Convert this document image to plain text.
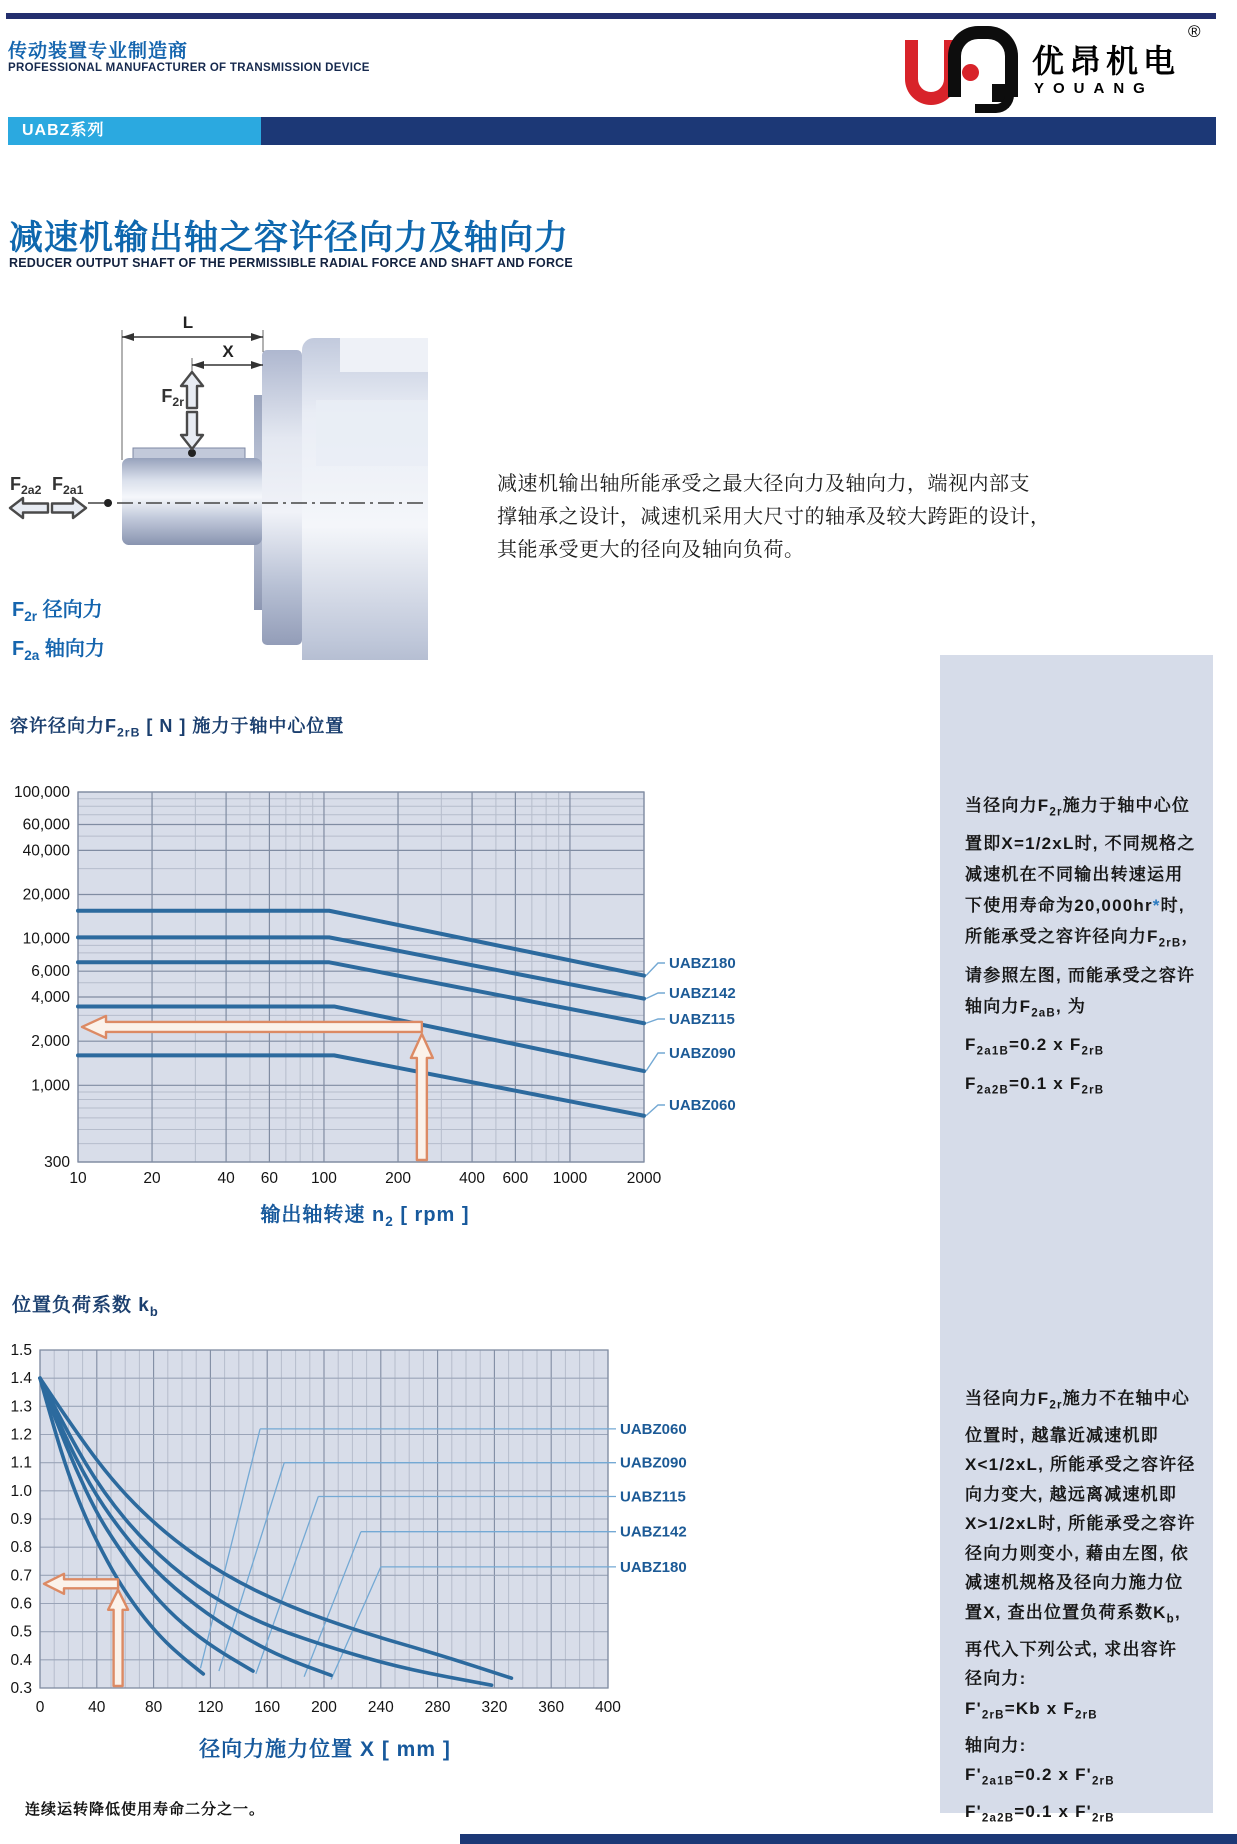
传动装置专业制造商
PROFESSIONAL MANUFACTURER OF TRANSMISSION DEVICE	优昂机电
YOUANG
®
UABZ系列
减速机输出轴之容许径向力及轴向力
REDUCER OUTPUT SHAFT OF THE PERMISSIBLE RADIAL FORCE AND SHAFT AND FORCE
L
X
$F_{2r}$
$F_{2a2}$ $F_{2a1}$	减速机输出轴所能承受之最大径向力及轴向力，端视内部支
撑轴承之设计，减速机采用大尺寸的轴承及较大跨距的设计，
其能承受更大的径向及轴向负荷。
$F_{2r}$ 径向力
$F_{2a}$ 轴向力
容许径向力$F_{2rB}$ [ N ] 施力于轴中心位置
100,000
60,000
40,000
20,000
10,000
6,000
4,000
2,000
1,000
300
10	20	40 60 100	200	400 600 1000	2000
UABZ180
UABZ142
UABZ115
UABZ090
UABZ060
输出轴转速 $n_2$ [ rpm ]
位置负荷系数 $k_b$
1.5
1.4
1.3
1.2
1.1
1.0
0.9
0.8
0.7
0.6
0.5
0.4
0.3
0	40	80 120 160 200 240 280 320 360 400
UABZ060
UABZ090
UABZ115
UABZ142
UABZ180
径向力施力位置 X [ mm ]
当径向力$F_{2r}$施力于轴中心位
置即X=1/2xL时, 不同规格之
减速机在不同输出转速运用
下使用寿命为20,000hr*时,
所能承受之容许径向力$F_{2rB}$，
请参照左图, 而能承受之容许
轴向力$F_{2aB}$, 为
$F_{2a1B}=0.2$ x $F_{2rB}$
$F_{2a2B}=0.1$ x $F_{2rB}$
当径向力$F_{2r}$施力不在轴中心
位置时, 越靠近减速机即
X<1/2xL, 所能承受之容许径
向力变大, 越远离减速机即
X>1/2xL时, 所能承受之容许
径向力则变小, 藉由左图, 依
减速机规格及径向力施力位
置X, 查出位置负荷系数$K_b$,
再代入下列公式, 求出容许
径向力:
$F'_{2rB}=Kb$ x $F_{2rB}$
轴向力:
$F'_{2a1B}=0.2$ x $F'_{2rB}$
$F'_{2a2B}=0.1$ x $F'_{2rB}$
连续运转降低使用寿命二分之一。
